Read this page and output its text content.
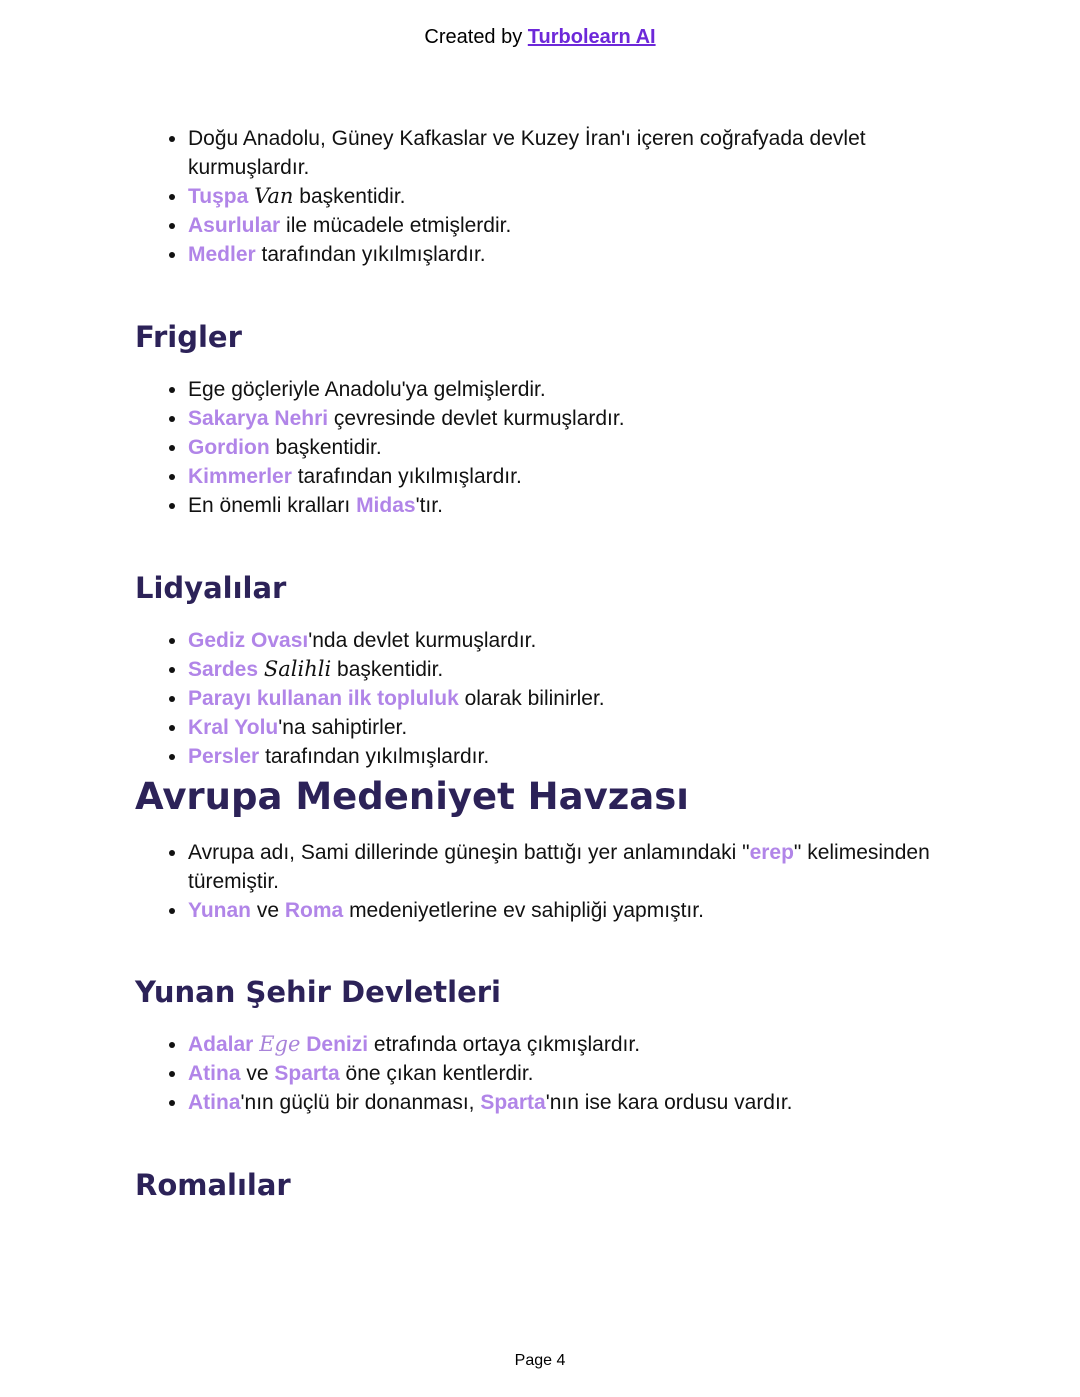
Created by Turbolearn AI
• Doğu Anadolu, Güney Kafkaslar ve Kuzey İran'ı içeren coğrafyada devlet kurmuşlardır.
• Tuşpa Van başkentidir.
• Asurlular ile mücadele etmişlerdir.
• Medler tarafından yıkılmışlardır.
Frigler
• Ege göçleriyle Anadolu'ya gelmişlerdir.
• Sakarya Nehri çevresinde devlet kurmuşlardır.
• Gordion başkentidir.
• Kimmerler tarafından yıkılmışlardır.
• En önemli kralları Midas'tır.
Lidyalılar
• Gediz Ovası'nda devlet kurmuşlardır.
• Sardes Salihli başkentidir.
• Parayı kullanan ilk topluluk olarak bilinirler.
• Kral Yolu'na sahiptirler.
• Persler tarafından yıkılmışlardır.
Avrupa Medeniyet Havzası
• Avrupa adı, Sami dillerinde güneşin battığı yer anlamındaki "erep" kelimesinden türemiştir.
• Yunan ve Roma medeniyetlerine ev sahipliği yapmıştır.
Yunan Şehir Devletleri
• Adalar Ege Denizi etrafında ortaya çıkmışlardır.
• Atina ve Sparta öne çıkan kentlerdir.
• Atina'nın güçlü bir donanması, Sparta'nın ise kara ordusu vardır.
Romalılar
Page 4
